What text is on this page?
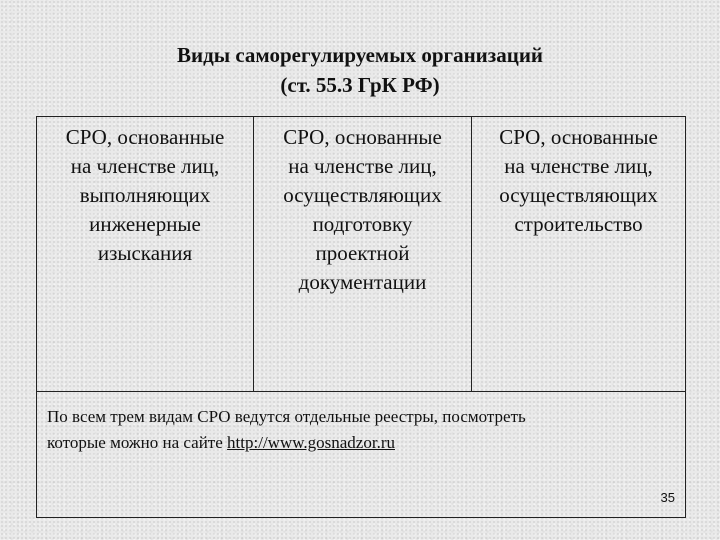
Виды саморегулируемых организаций
(ст. 55.3 ГрК РФ)
СРО, основанные
на членстве лиц,
выполняющих
инженерные
изыскания
СРО, основанные
на членстве лиц,
осуществляющих
подготовку
проектной
документации
СРО, основанные
на членстве лиц,
осуществляющих
строительство
По всем трем видам СРО ведутся отдельные реестры, посмотреть
которые можно на сайте http://www.gosnadzor.ru
35
